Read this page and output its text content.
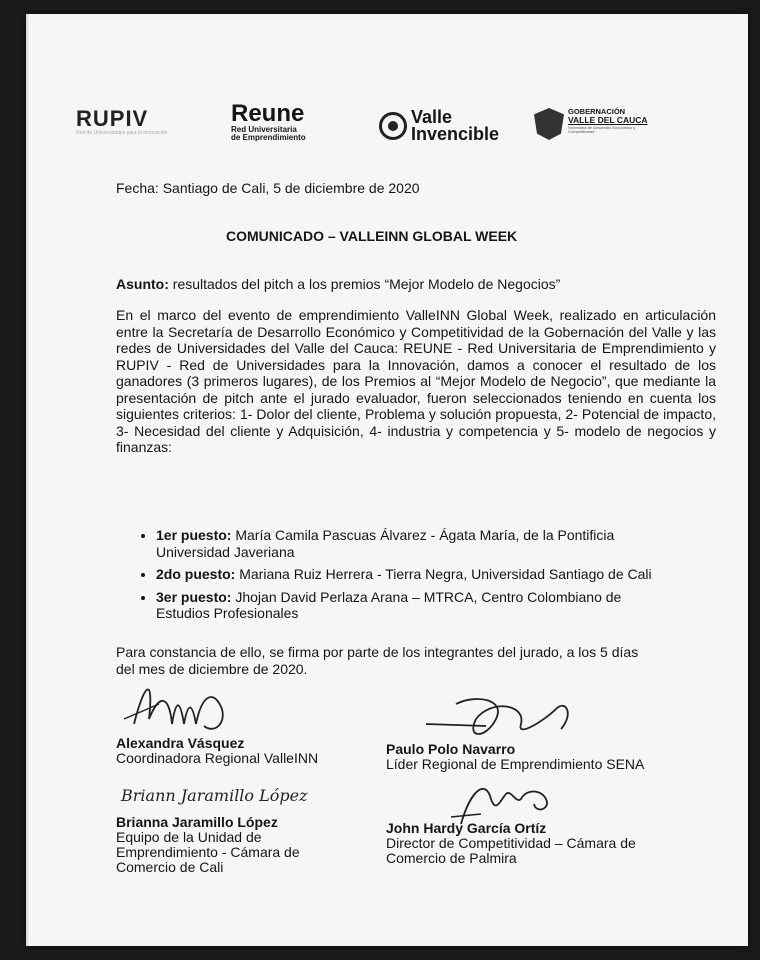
RUPIV
Red de Universidades para la Innovación
Reune
Red Universitaria
de Emprendimiento
Valle
Invencible
GOBERNACIÓN
VALLE DEL CAUCA
Secretaría de Desarrollo Económico y Competitividad
Fecha: Santiago de Cali, 5 de diciembre de 2020
COMUNICADO – VALLEINN GLOBAL WEEK
Asunto: resultados del pitch a los premios “Mejor Modelo de Negocios”
En el marco del evento de emprendimiento ValleINN Global Week, realizado en articulación entre la Secretaría de Desarrollo Económico y Competitividad de la Gobernación del Valle y las redes de Universidades del Valle del Cauca: REUNE - Red Universitaria de Emprendimiento y RUPIV - Red de Universidades para la Innovación, damos a conocer el resultado de los ganadores (3 primeros lugares), de los Premios al “Mejor Modelo de Negocio”, que mediante la presentación de pitch ante el jurado evaluador, fueron seleccionados teniendo en cuenta los siguientes criterios: 1- Dolor del cliente, Problema y solución propuesta, 2- Potencial de impacto, 3- Necesidad del cliente y Adquisición, 4- industria y competencia y 5- modelo de negocios y finanzas:
• 1er puesto: María Camila Pascuas Álvarez - Ágata María, de la Pontificia Universidad Javeriana
• 2do puesto: Mariana Ruiz Herrera - Tierra Negra, Universidad Santiago de Cali
• 3er puesto: Jhojan David Perlaza Arana – MTRCA, Centro Colombiano de Estudios Profesionales
Para constancia de ello, se firma por parte de los integrantes del jurado, a los 5 días del mes de diciembre de 2020.
Briann Jaramillo López
Alexandra Vásquez
Coordinadora Regional ValleINN
Paulo Polo Navarro
Líder Regional de Emprendimiento SENA
Brianna Jaramillo López
Equipo de la Unidad de
Emprendimiento - Cámara de
Comercio de Cali
John Hardy García Ortíz
Director de Competitividad – Cámara de
Comercio de Palmira
